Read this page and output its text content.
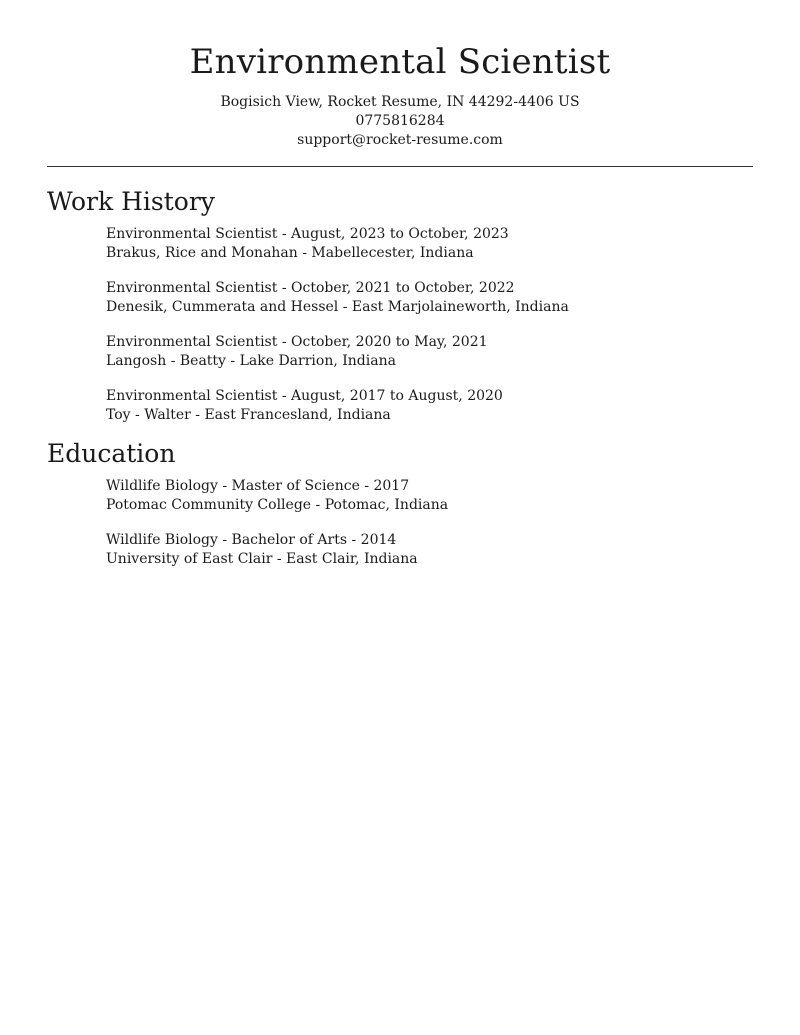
Environmental Scientist
Bogisich View, Rocket Resume, IN 44292-4406 US
0775816284
support@rocket-resume.com
Work History
Environmental Scientist - August, 2023 to October, 2023
Brakus, Rice and Monahan - Mabellecester, Indiana
Environmental Scientist - October, 2021 to October, 2022
Denesik, Cummerata and Hessel - East Marjolaineworth, Indiana
Environmental Scientist - October, 2020 to May, 2021
Langosh - Beatty - Lake Darrion, Indiana
Environmental Scientist - August, 2017 to August, 2020
Toy - Walter - East Francesland, Indiana
Education
Wildlife Biology - Master of Science - 2017
Potomac Community College - Potomac, Indiana
Wildlife Biology - Bachelor of Arts - 2014
University of East Clair - East Clair, Indiana
